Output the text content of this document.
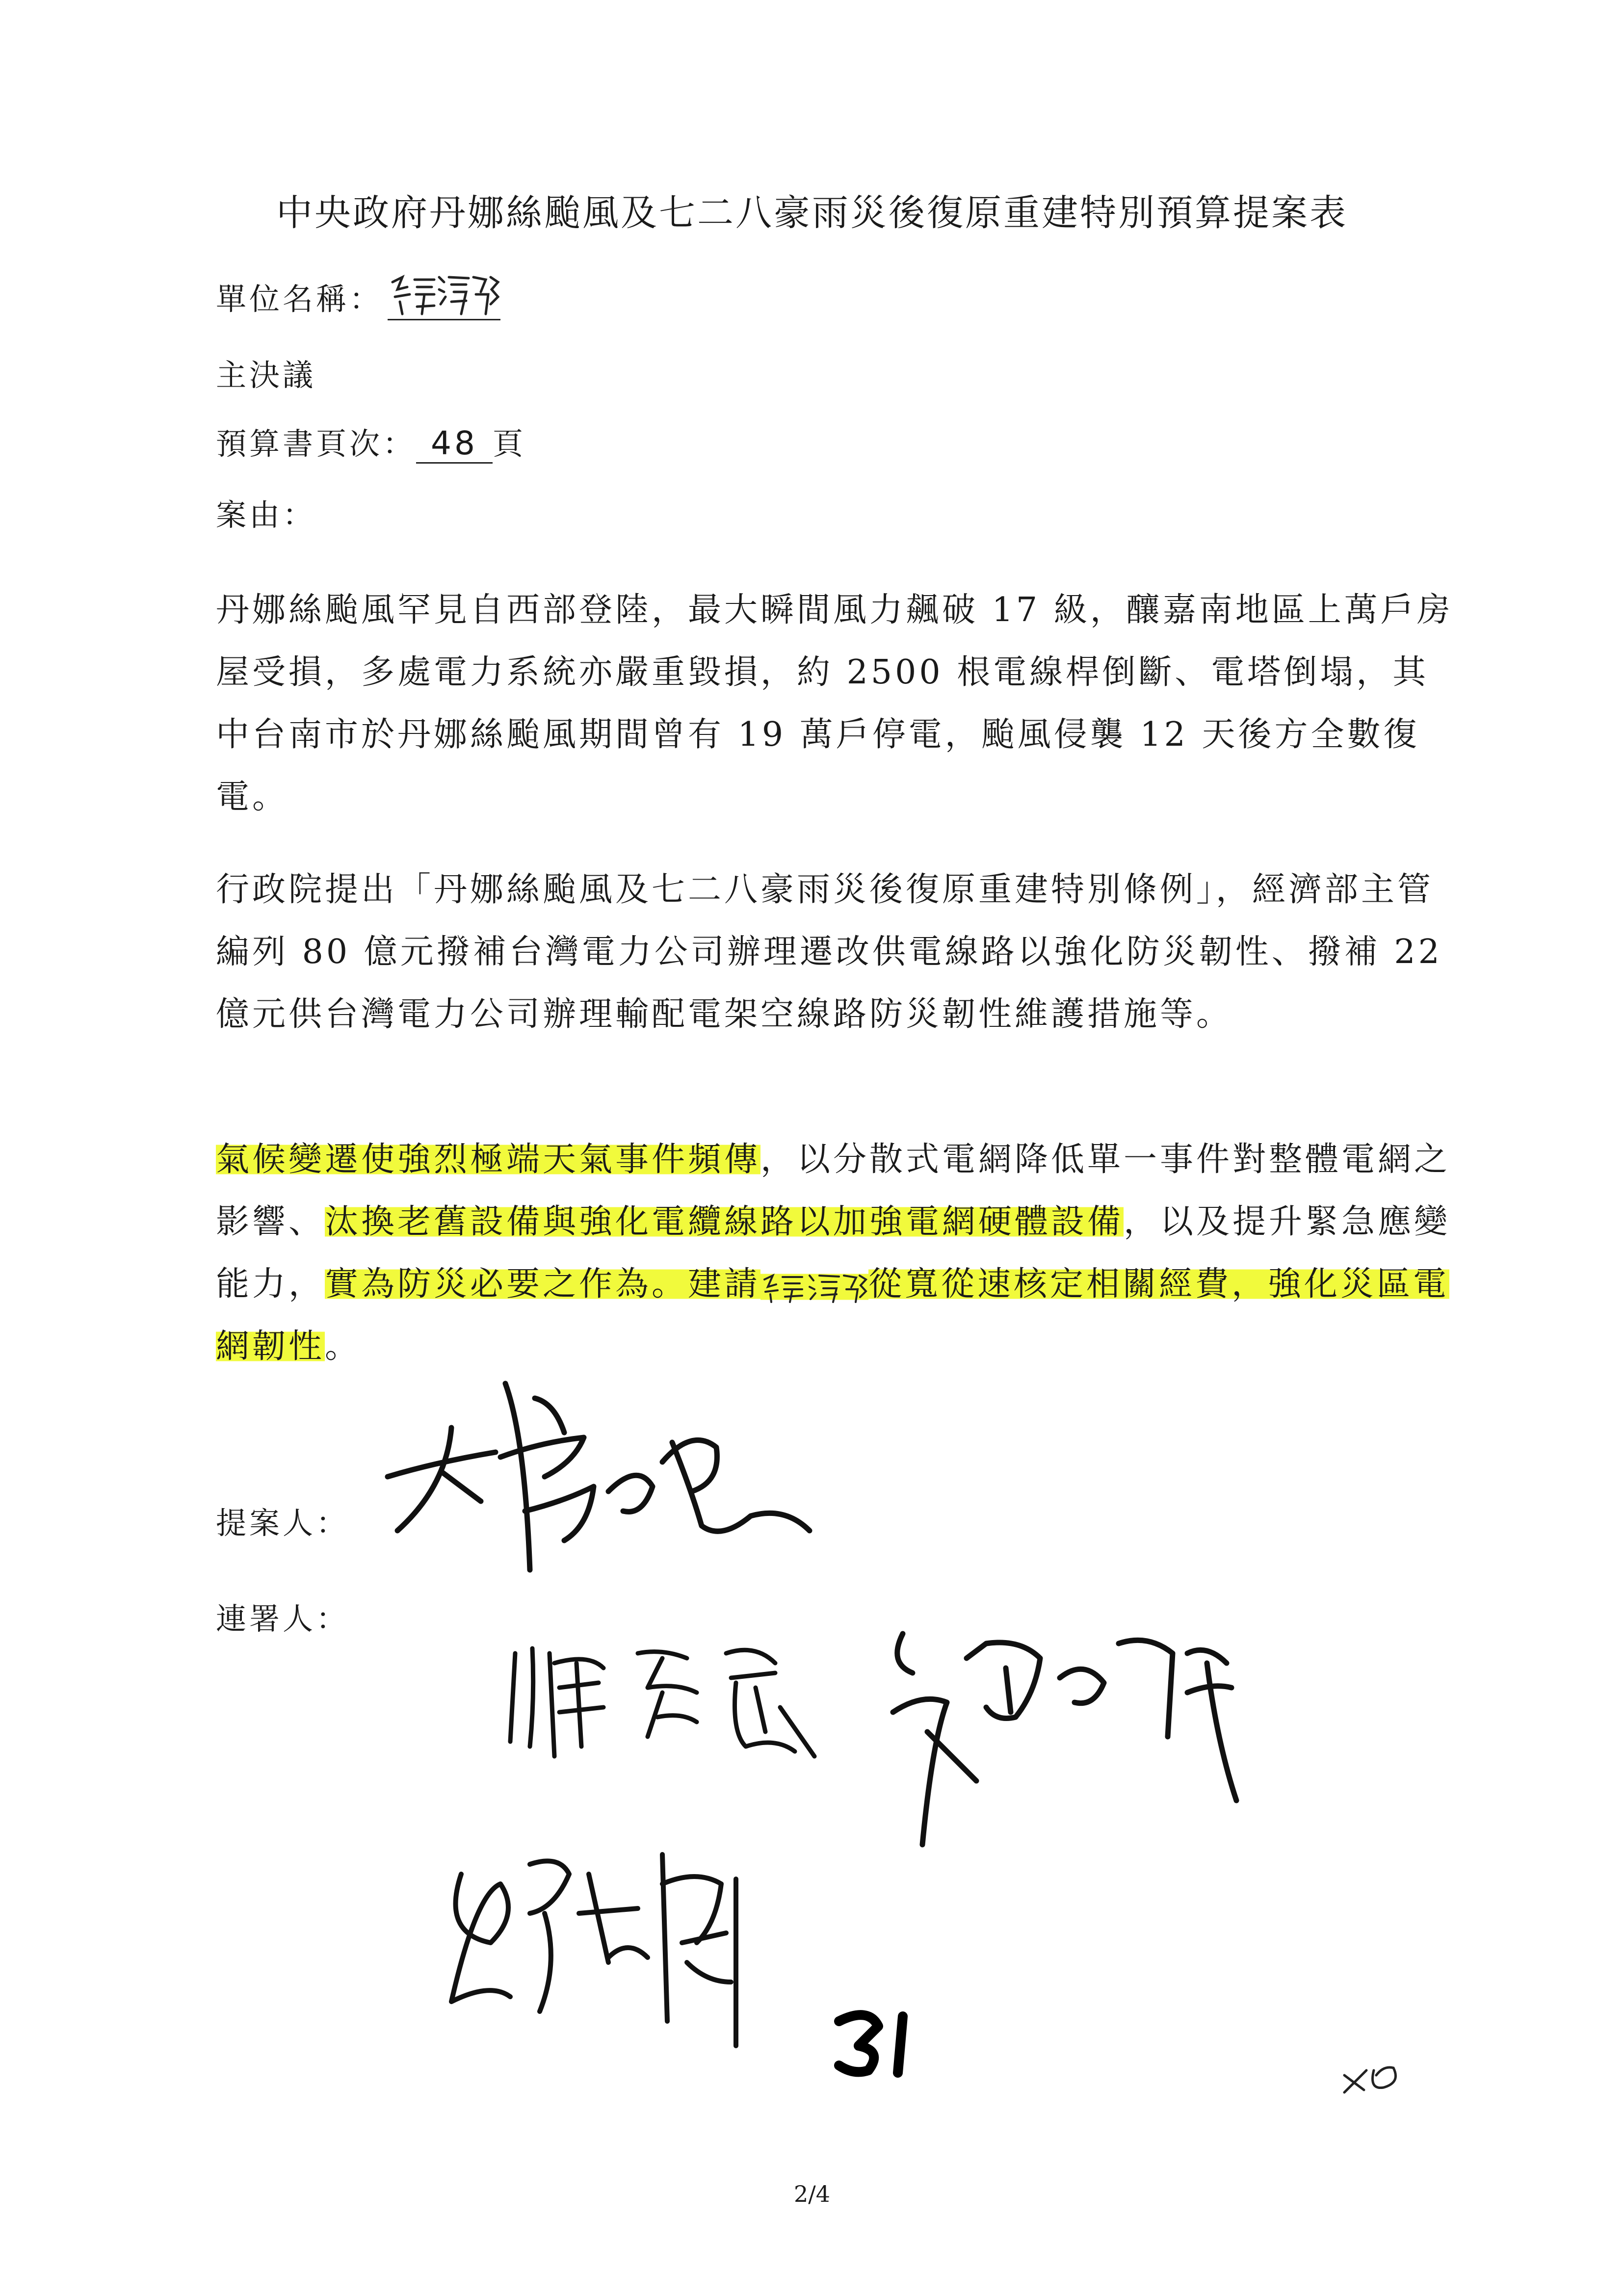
中央政府丹娜絲颱風及七二八豪雨災後復原重建特別預算提案表
單位名稱：
主決議
預算書頁次： 48 頁
案由：
丹娜絲颱風罕見自西部登陸，最大瞬間風力飆破 17 級，釀嘉南地區上萬戶房屋受損，多處電力系統亦嚴重毀損，約 2500 根電線桿倒斷、電塔倒塌，其中台南市於丹娜絲颱風期間曾有 19 萬戶停電，颱風侵襲 12 天後方全數復電。
行政院提出「丹娜絲颱風及七二八豪雨災後復原重建特別條例」，經濟部主管編列 80 億元撥補台灣電力公司辦理遷改供電線路以強化防災韌性、撥補 22 億元供台灣電力公司辦理輸配電架空線路防災韌性維護措施等。
氣候變遷使強烈極端天氣事件頻傳，以分散式電網降低單一事件對整體電網之影響、汰換老舊設備與強化電纜線路以加強電網硬體設備，以及提升緊急應變能力，實為防災必要之作為。建請	從寬從速核定相關經費，強化災區電網韌性。
提案人：
連署人：
2/4
